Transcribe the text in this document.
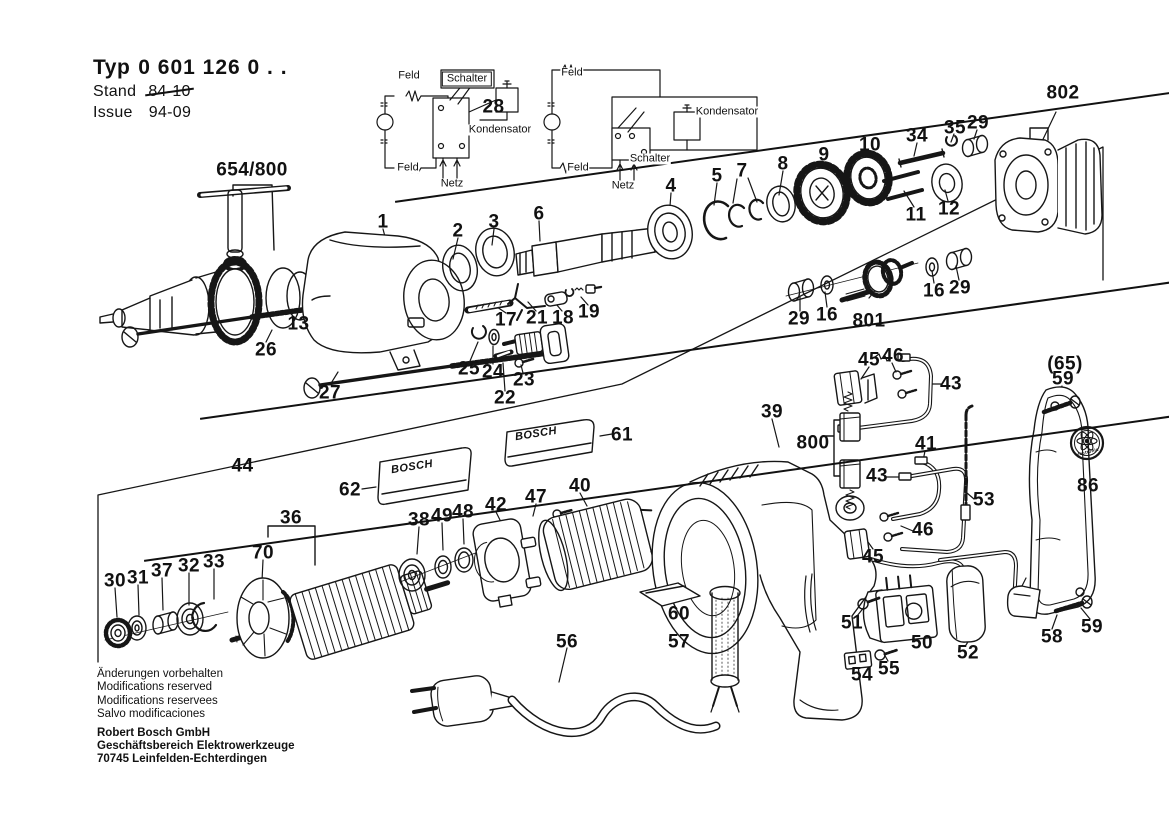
BOSCH
BOSCH
electronic
Typ 0 601 126 0 . .
Stand 84-10
Issue 94-09
Änderungen vorbehalten
Modifications reserved
Modifications reservees
Salvo modificaciones
Robert Bosch GmbH
Geschäftsbereich Elektrowerkzeuge
70745 Leinfelden-Echterdingen
654/800
1	2 3 6
4 5 7 8 9 10 34 35 29
802
28
11 12
16 29
13	801
16
29
26
27
17 21 18 19
25 24 23
22
61
62
39
44
800
45 46
43
41
43
53
46
45
(65)
59
86
36
70
30 31 37 32 33
38 49 48 42 47
40
60
57
56
51
50
54 55
52
58 59
Feld	Schalter
Kondensator
Feld
Netz
Feld
Kondensator
Schalter
Feld
Netz
